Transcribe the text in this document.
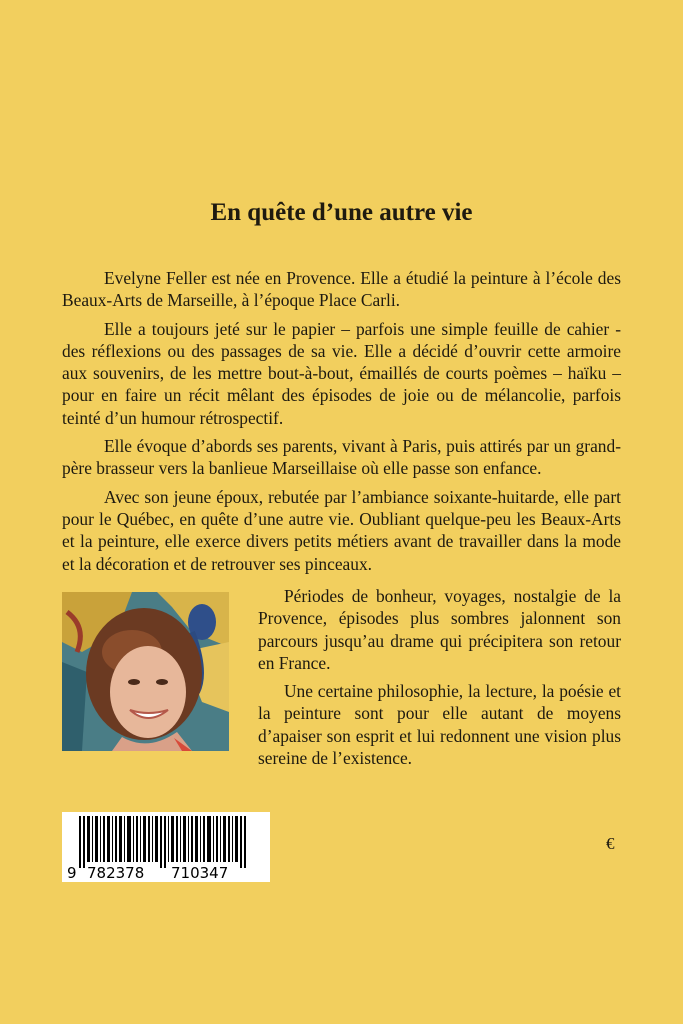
En quête d’une autre vie

Evelyne Feller est née en Provence. Elle a étudié la peinture à l’école des Beaux-Arts de Marseille, à l’époque Place Carli.

Elle a toujours jeté sur le papier – parfois une simple feuille de cahier - des réflexions ou des passages de sa vie. Elle a décidé d’ouvrir cette armoire aux souvenirs, de les mettre bout-à-bout, émaillés de courts poèmes – haïku – pour en faire un récit mêlant des épisodes de joie ou de mélancolie, parfois teinté d’un humour rétrospectif.

Elle évoque d’abords ses parents, vivant à Paris, puis attirés par un grand-père brasseur vers la banlieue Marseillaise où elle passe son enfance.

Avec son jeune époux, rebutée par l’ambiance soixante-huitarde, elle part pour le Québec, en quête d’une autre vie. Oubliant quelque-peu les Beaux-Arts et la peinture, elle exerce divers petits métiers avant de travailler dans la mode et la décoration et de retrouver ses pinceaux.

Périodes de bonheur, voyages, nostalgie de la Provence, épisodes plus sombres jalonnent son parcours jusqu’au drame qui précipitera son retour en France.

Une certaine philosophie, la lecture, la poésie et la peinture sont pour elle autant de moyens d’apaiser son esprit et lui redonnent une vision plus sereine de l’existence.

9 782378 710347
€
